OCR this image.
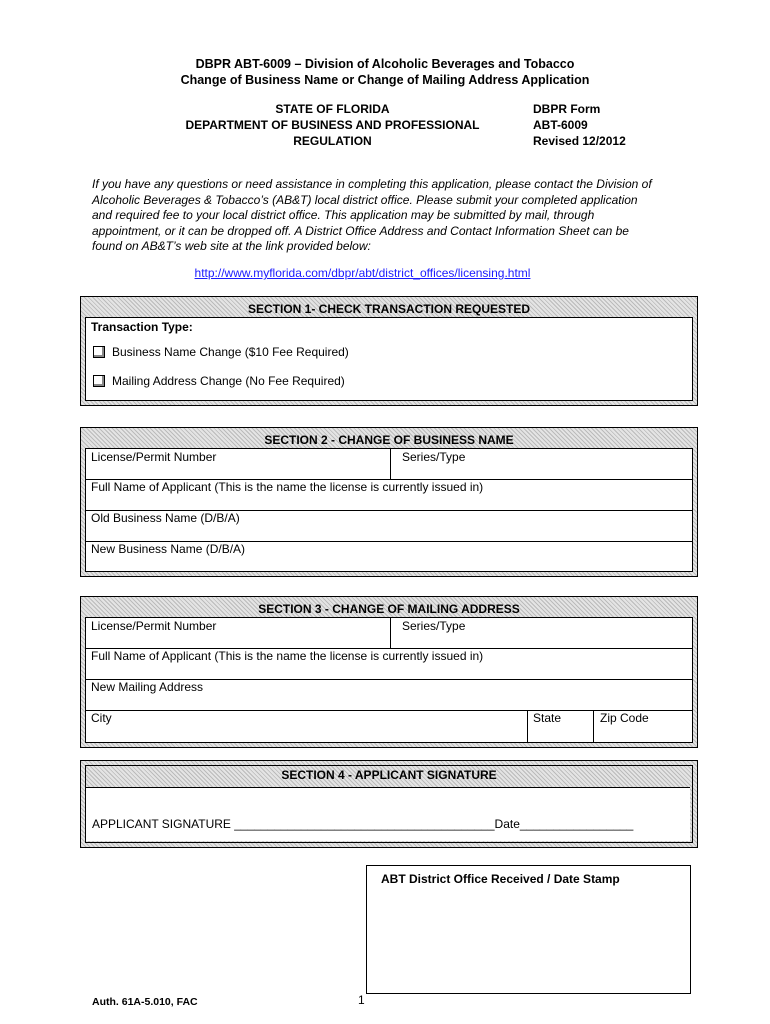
DBPR ABT-6009 – Division of Alcoholic Beverages and Tobacco
Change of Business Name or Change of Mailing Address Application
STATE OF FLORIDA
DEPARTMENT OF BUSINESS AND PROFESSIONAL
REGULATION
DBPR Form
ABT-6009
Revised 12/2012
If you have any questions or need assistance in completing this application, please contact the Division of
Alcoholic Beverages & Tobacco’s (AB&T) local district office. Please submit your completed application
and required fee to your local district office. This application may be submitted by mail, through
appointment, or it can be dropped off. A District Office Address and Contact Information Sheet can be
found on AB&T’s web site at the link provided below:
http://www.myflorida.com/dbpr/abt/district_offices/licensing.html
SECTION 1- CHECK TRANSACTION REQUESTED
Transaction Type:
Business Name Change ($10 Fee Required)
Mailing Address Change (No Fee Required)
SECTION 2 - CHANGE OF BUSINESS NAME
License/Permit Number	Series/Type
Full Name of Applicant (This is the name the license is currently issued in)
Old Business Name (D/B/A)
New Business Name (D/B/A)
SECTION 3 - CHANGE OF MAILING ADDRESS
License/Permit Number	Series/Type
Full Name of Applicant (This is the name the license is currently issued in)
New Mailing Address
City	State	Zip Code
SECTION 4 - APPLICANT SIGNATURE
APPLICANT SIGNATURE _______________________________________Date_________________
ABT District Office Received / Date Stamp
Auth. 61A-5.010, FAC	1
